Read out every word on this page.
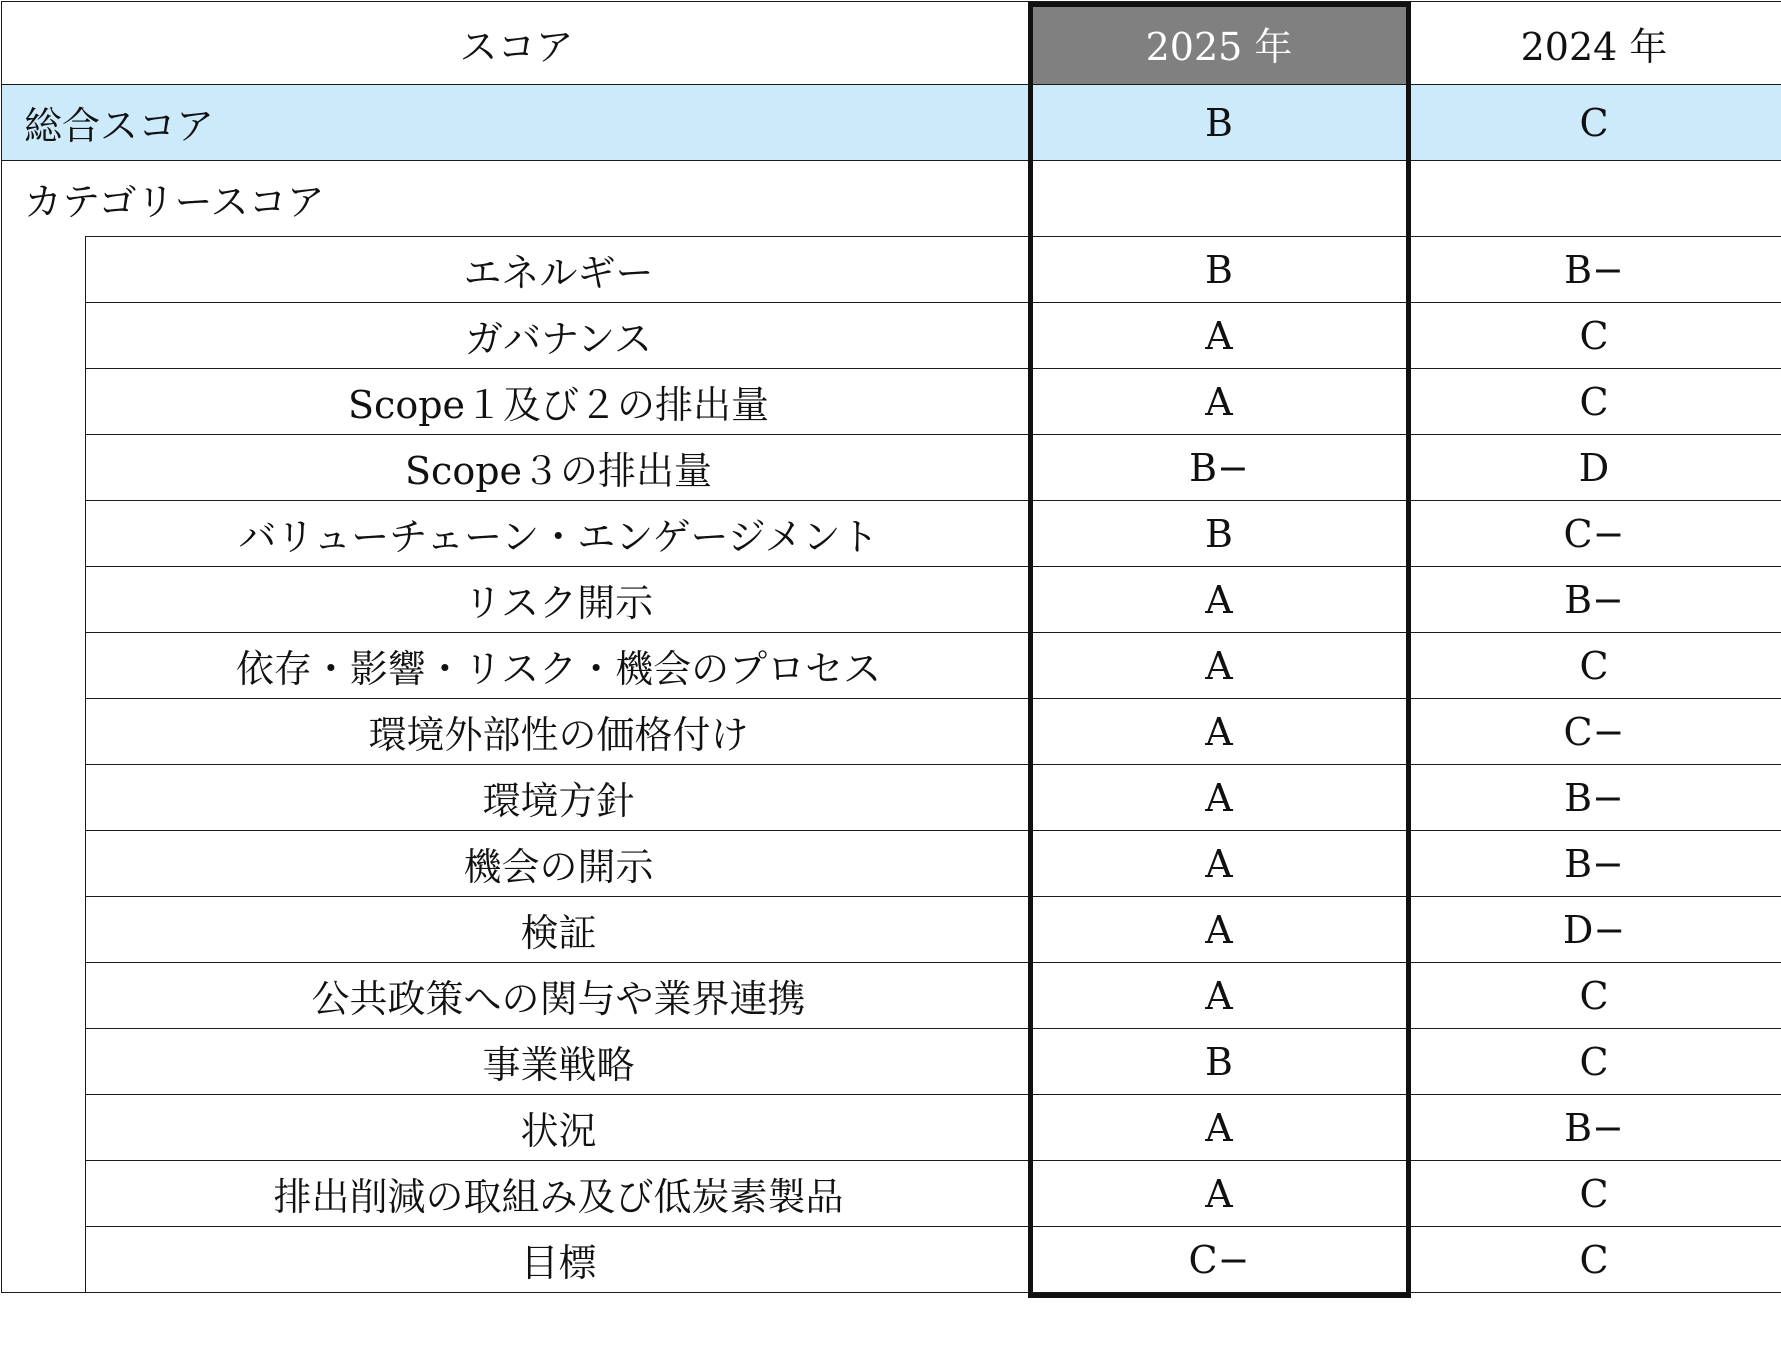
スコア		2025 年	2024 年
総合スコア		B	C
カテゴリースコア			
	エネルギー	B	B−
	ガバナンス	A	C
	Scope１及び２の排出量	A	C
	Scope３の排出量	B−	D
	バリューチェーン・エンゲージメント	B	C−
	リスク開示	A	B−
	依存・影響・リスク・機会のプロセス	A	C
	環境外部性の価格付け	A	C−
	環境方針	A	B−
	機会の開示	A	B−
	検証	A	D−
	公共政策への関与や業界連携	A	C
	事業戦略	B	C
	状況	A	B−
	排出削減の取組み及び低炭素製品	A	C
	目標	C−	C
